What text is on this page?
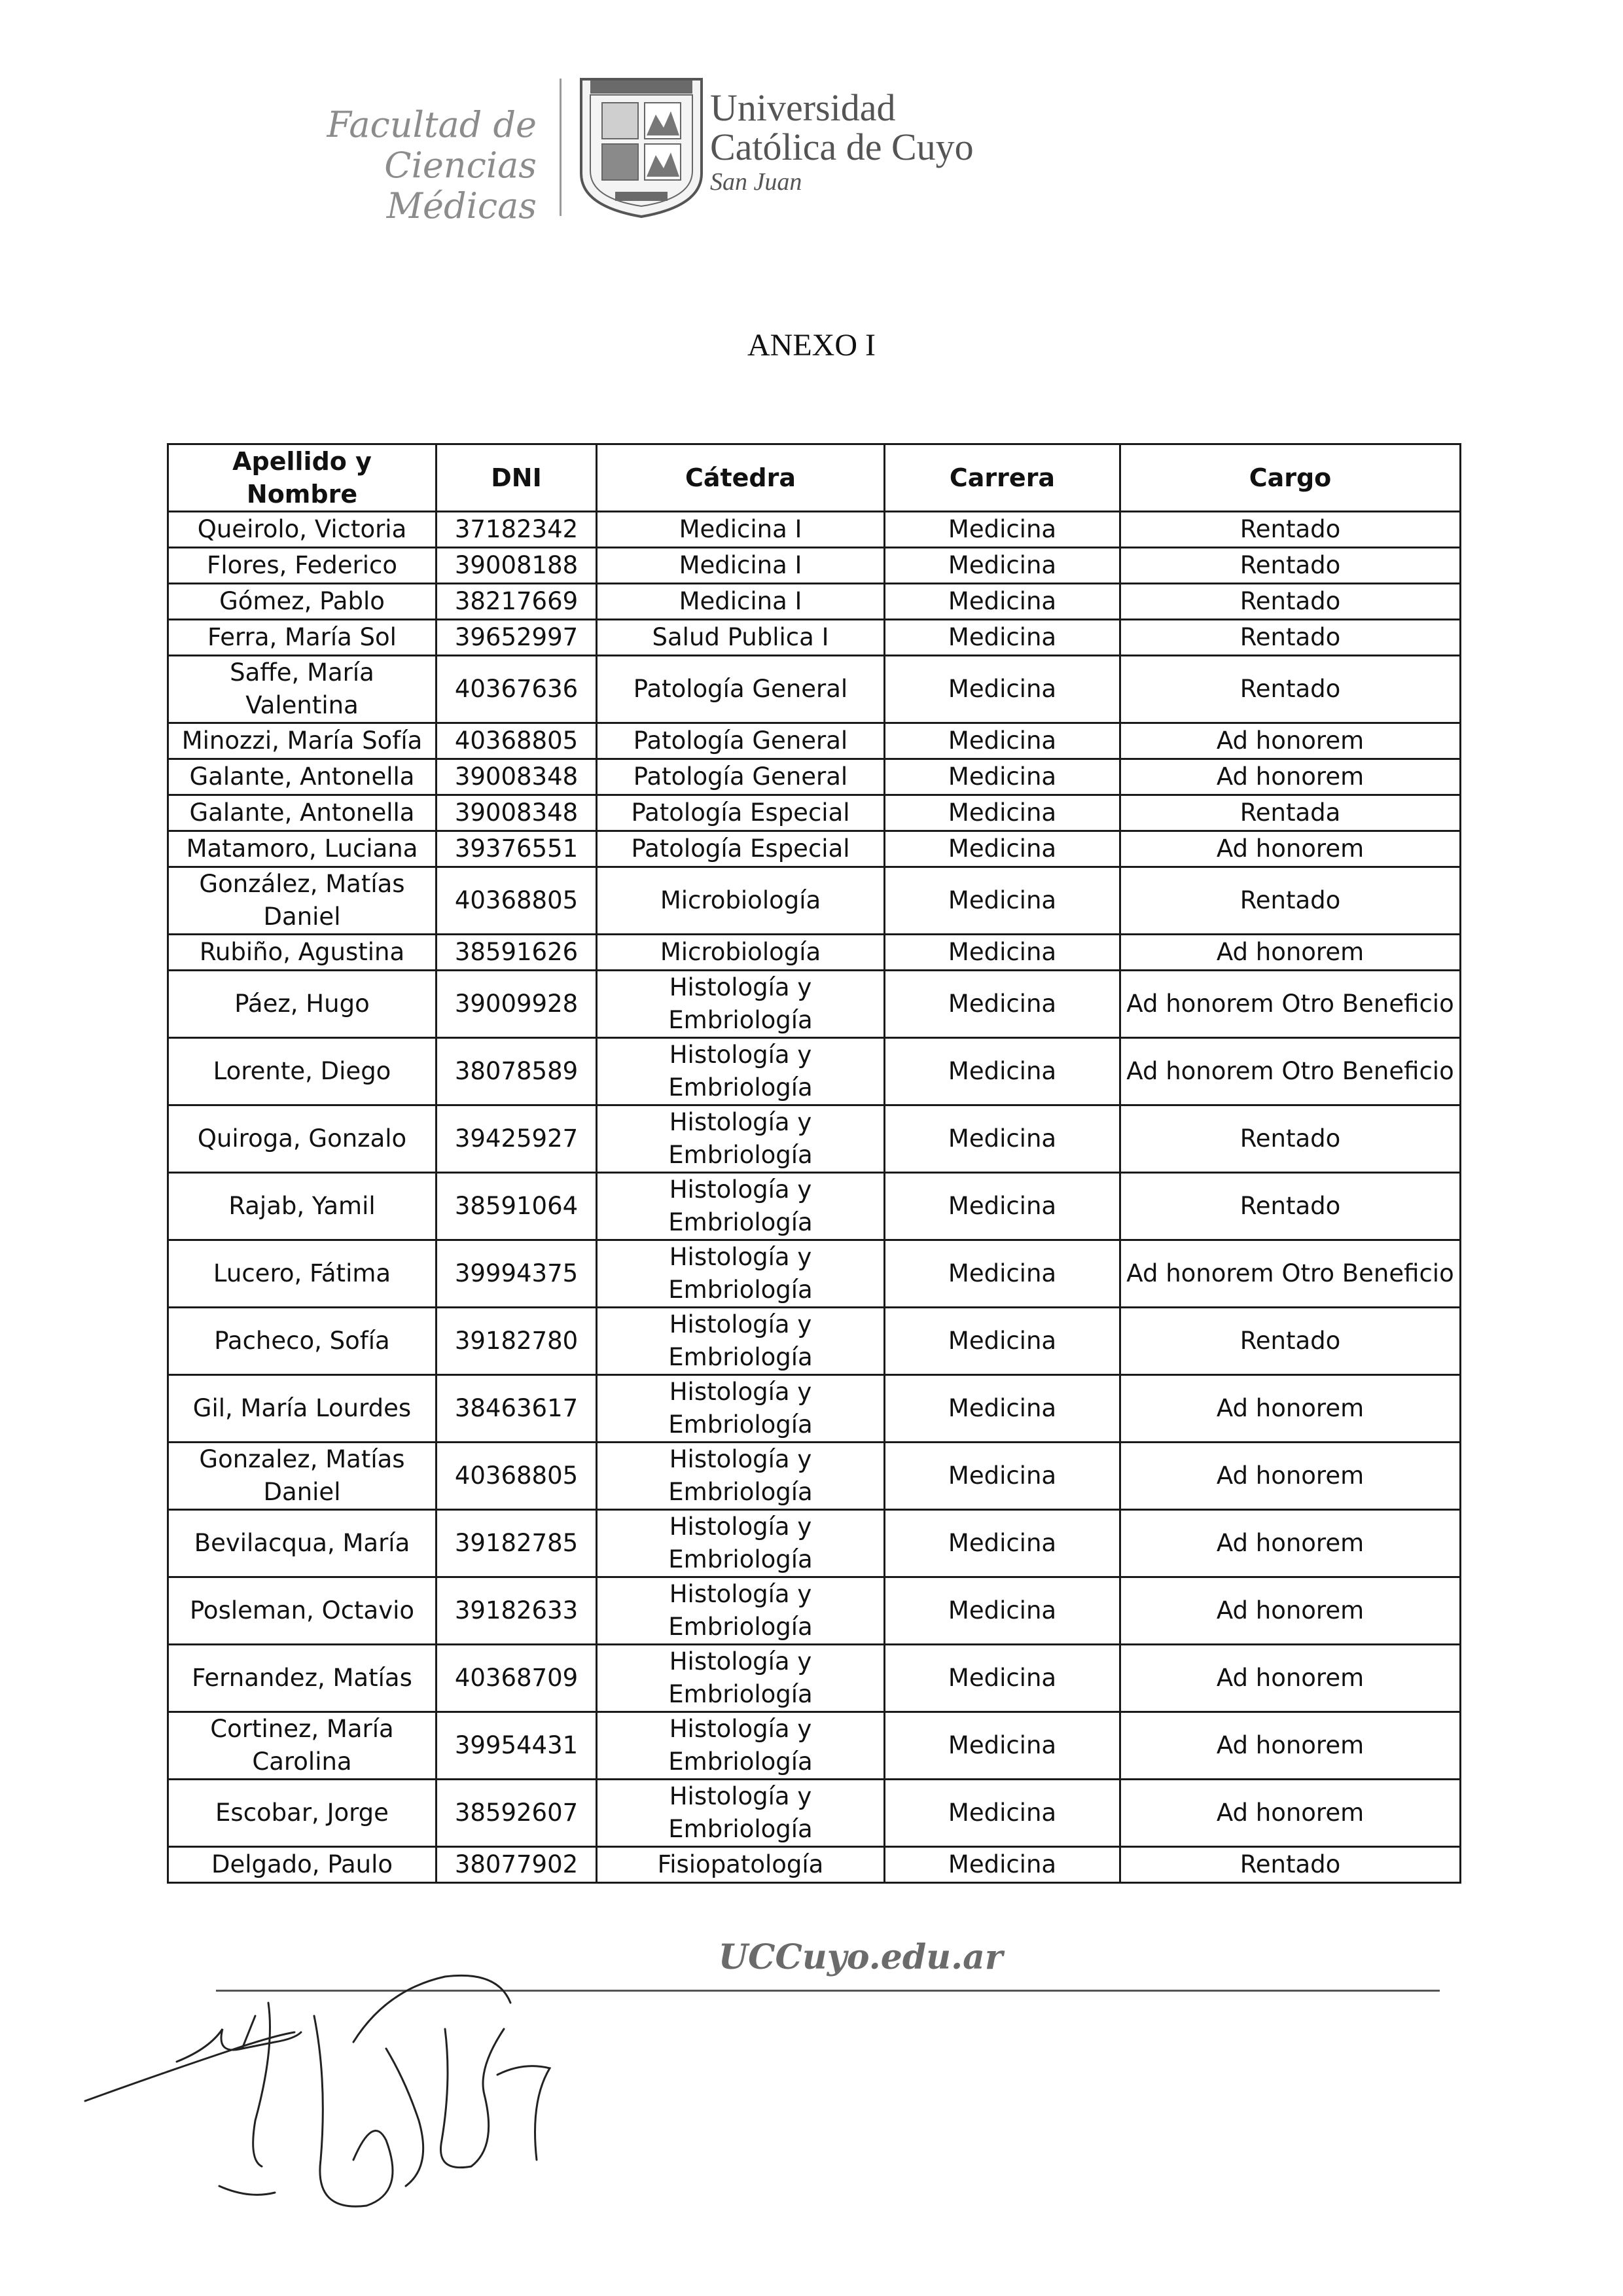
Facultad de Ciencias
Médicas
Universidad
Católica de Cuyo
San Juan
ANEXO I
Apellido y Nombre	DNI	Cátedra	Carrera	Cargo
Queirolo, Victoria	37182342	Medicina I	Medicina	Rentado
Flores, Federico	39008188	Medicina I	Medicina	Rentado
Gómez, Pablo	38217669	Medicina I	Medicina	Rentado
Ferra, María Sol	39652997	Salud Publica I	Medicina	Rentado
Saffe, María Valentina	40367636	Patología General	Medicina	Rentado
Minozzi, María Sofía	40368805	Patología General	Medicina	Ad honorem
Galante, Antonella	39008348	Patología General	Medicina	Ad honorem
Galante, Antonella	39008348	Patología Especial	Medicina	Rentada
Matamoro, Luciana	39376551	Patología Especial	Medicina	Ad honorem
González, Matías Daniel	40368805	Microbiología	Medicina	Rentado
Rubiño, Agustina	38591626	Microbiología	Medicina	Ad honorem
Páez, Hugo	39009928	Histología y Embriología	Medicina	Ad honorem Otro Beneficio
Lorente, Diego	38078589	Histología y Embriología	Medicina	Ad honorem Otro Beneficio
Quiroga, Gonzalo	39425927	Histología y Embriología	Medicina	Rentado
Rajab, Yamil	38591064	Histología y Embriología	Medicina	Rentado
Lucero, Fátima	39994375	Histología y Embriología	Medicina	Ad honorem Otro Beneficio
Pacheco, Sofía	39182780	Histología y Embriología	Medicina	Rentado
Gil, María Lourdes	38463617	Histología y Embriología	Medicina	Ad honorem
Gonzalez, Matías Daniel	40368805	Histología y Embriología	Medicina	Ad honorem
Bevilacqua, María	39182785	Histología y Embriología	Medicina	Ad honorem
Posleman, Octavio	39182633	Histología y Embriología	Medicina	Ad honorem
Fernandez, Matías	40368709	Histología y Embriología	Medicina	Ad honorem
Cortinez, María Carolina	39954431	Histología y Embriología	Medicina	Ad honorem
Escobar, Jorge	38592607	Histología y Embriología	Medicina	Ad honorem
Delgado, Paulo	38077902	Fisiopatología	Medicina	Rentado
UCCuyo.edu.ar
